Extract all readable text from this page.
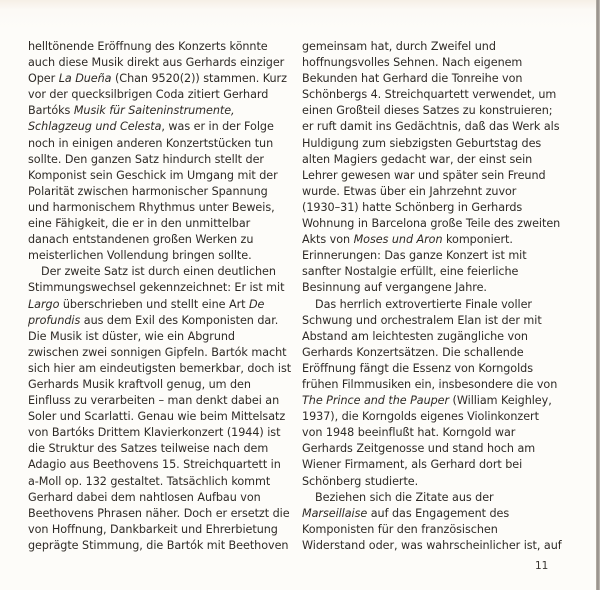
helltönende Eröffnung des Konzerts könnte
auch diese Musik direkt aus Gerhards einziger
Oper La Dueña (Chan 9520(2)) stammen. Kurz
vor der quecksilbrigen Coda zitiert Gerhard
Bartóks Musik für Saiteninstrumente,
Schlagzeug und Celesta, was er in der Folge
noch in einigen anderen Konzertstücken tun
sollte. Den ganzen Satz hindurch stellt der
Komponist sein Geschick im Umgang mit der
Polarität zwischen harmonischer Spannung
und harmonischem Rhythmus unter Beweis,
eine Fähigkeit, die er in den unmittelbar
danach entstandenen großen Werken zu
meisterlichen Vollendung bringen sollte.
Der zweite Satz ist durch einen deutlichen
Stimmungswechsel gekennzeichnet: Er ist mit
Largo überschrieben und stellt eine Art De
profundis aus dem Exil des Komponisten dar.
Die Musik ist düster, wie ein Abgrund
zwischen zwei sonnigen Gipfeln. Bartók macht
sich hier am eindeutigsten bemerkbar, doch ist
Gerhards Musik kraftvoll genug, um den
Einfluss zu verarbeiten – man denkt dabei an
Soler und Scarlatti. Genau wie beim Mittelsatz
von Bartóks Drittem Klavierkonzert (1944) ist
die Struktur des Satzes teilweise nach dem
Adagio aus Beethovens 15. Streichquartett in
a-Moll op. 132 gestaltet. Tatsächlich kommt
Gerhard dabei dem nahtlosen Aufbau von
Beethovens Phrasen näher. Doch er ersetzt die
von Hoffnung, Dankbarkeit und Ehrerbietung
geprägte Stimmung, die Bartók mit Beethoven
gemeinsam hat, durch Zweifel und
hoffnungsvolles Sehnen. Nach eigenem
Bekunden hat Gerhard die Tonreihe von
Schönbergs 4. Streichquartett verwendet, um
einen Großteil dieses Satzes zu konstruieren;
er ruft damit ins Gedächtnis, daß das Werk als
Huldigung zum siebzigsten Geburtstag des
alten Magiers gedacht war, der einst sein
Lehrer gewesen war und später sein Freund
wurde. Etwas über ein Jahrzehnt zuvor
(1930–31) hatte Schönberg in Gerhards
Wohnung in Barcelona große Teile des zweiten
Akts von Moses und Aron komponiert.
Erinnerungen: Das ganze Konzert ist mit
sanfter Nostalgie erfüllt, eine feierliche
Besinnung auf vergangene Jahre.
Das herrlich extrovertierte Finale voller
Schwung und orchestralem Elan ist der mit
Abstand am leichtesten zugängliche von
Gerhards Konzertsätzen. Die schallende
Eröffnung fängt die Essenz von Korngolds
frühen Filmmusiken ein, insbesondere die von
The Prince and the Pauper (William Keighley,
1937), die Korngolds eigenes Violinkonzert
von 1948 beeinflußt hat. Korngold war
Gerhards Zeitgenosse und stand hoch am
Wiener Firmament, als Gerhard dort bei
Schönberg studierte.
Beziehen sich die Zitate aus der
Marseillaise auf das Engagement des
Komponisten für den französischen
Widerstand oder, was wahrscheinlicher ist, auf
11
